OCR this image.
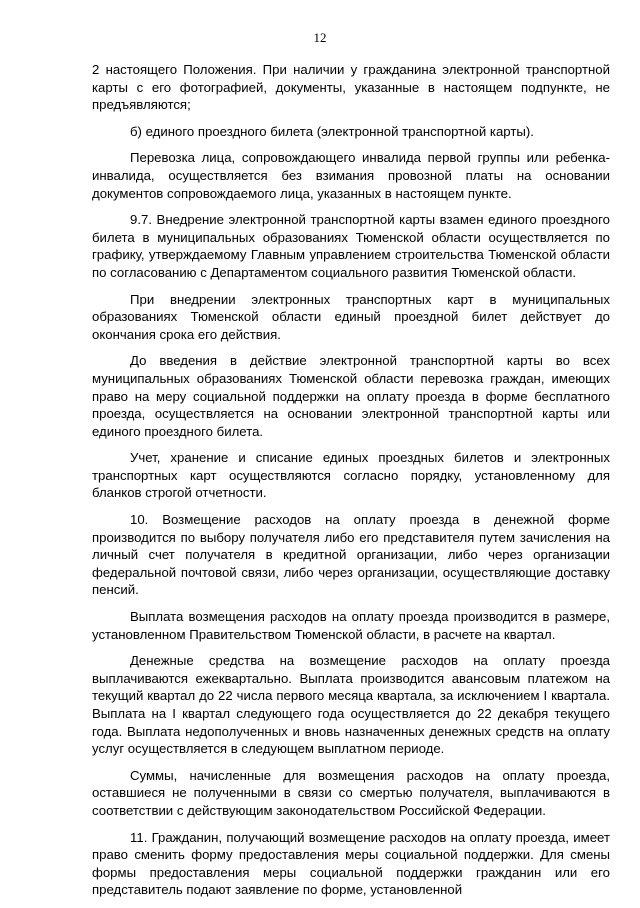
12

2 настоящего Положения. При наличии у гражданина электронной транспортной карты с его фотографией, документы, указанные в настоящем подпункте, не предъявляются;

б) единого проездного билета (электронной транспортной карты).

Перевозка лица, сопровождающего инвалида первой группы или ребенка-инвалида, осуществляется без взимания провозной платы на основании документов сопровождаемого лица, указанных в настоящем пункте.

9.7. Внедрение электронной транспортной карты взамен единого проездного билета в муниципальных образованиях Тюменской области осуществляется по графику, утверждаемому Главным управлением строительства Тюменской области по согласованию с Департаментом социального развития Тюменской области.

При внедрении электронных транспортных карт в муниципальных образованиях Тюменской области единый проездной билет действует до окончания срока его действия.

До введения в действие электронной транспортной карты во всех муниципальных образованиях Тюменской области перевозка граждан, имеющих право на меру социальной поддержки на оплату проезда в форме бесплатного проезда, осуществляется на основании электронной транспортной карты или единого проездного билета.

Учет, хранение и списание единых проездных билетов и электронных транспортных карт осуществляются согласно порядку, установленному для бланков строгой отчетности.

10. Возмещение расходов на оплату проезда в денежной форме производится по выбору получателя либо его представителя путем зачисления на личный счет получателя в кредитной организации, либо через организации федеральной почтовой связи, либо через организации, осуществляющие доставку пенсий.

Выплата возмещения расходов на оплату проезда производится в размере, установленном Правительством Тюменской области, в расчете на квартал.

Денежные средства на возмещение расходов на оплату проезда выплачиваются ежеквартально. Выплата производится авансовым платежом на текущий квартал до 22 числа первого месяца квартала, за исключением I квартала. Выплата на I квартал следующего года осуществляется до 22 декабря текущего года. Выплата недополученных и вновь назначенных денежных средств на оплату услуг осуществляется в следующем выплатном периоде.

Суммы, начисленные для возмещения расходов на оплату проезда, оставшиеся не полученными в связи со смертью получателя, выплачиваются в соответствии с действующим законодательством Российской Федерации.

11. Гражданин, получающий возмещение расходов на оплату проезда, имеет право сменить форму предоставления меры социальной поддержки. Для смены формы предоставления меры социальной поддержки гражданин или его представитель подают заявление по форме, установленной
